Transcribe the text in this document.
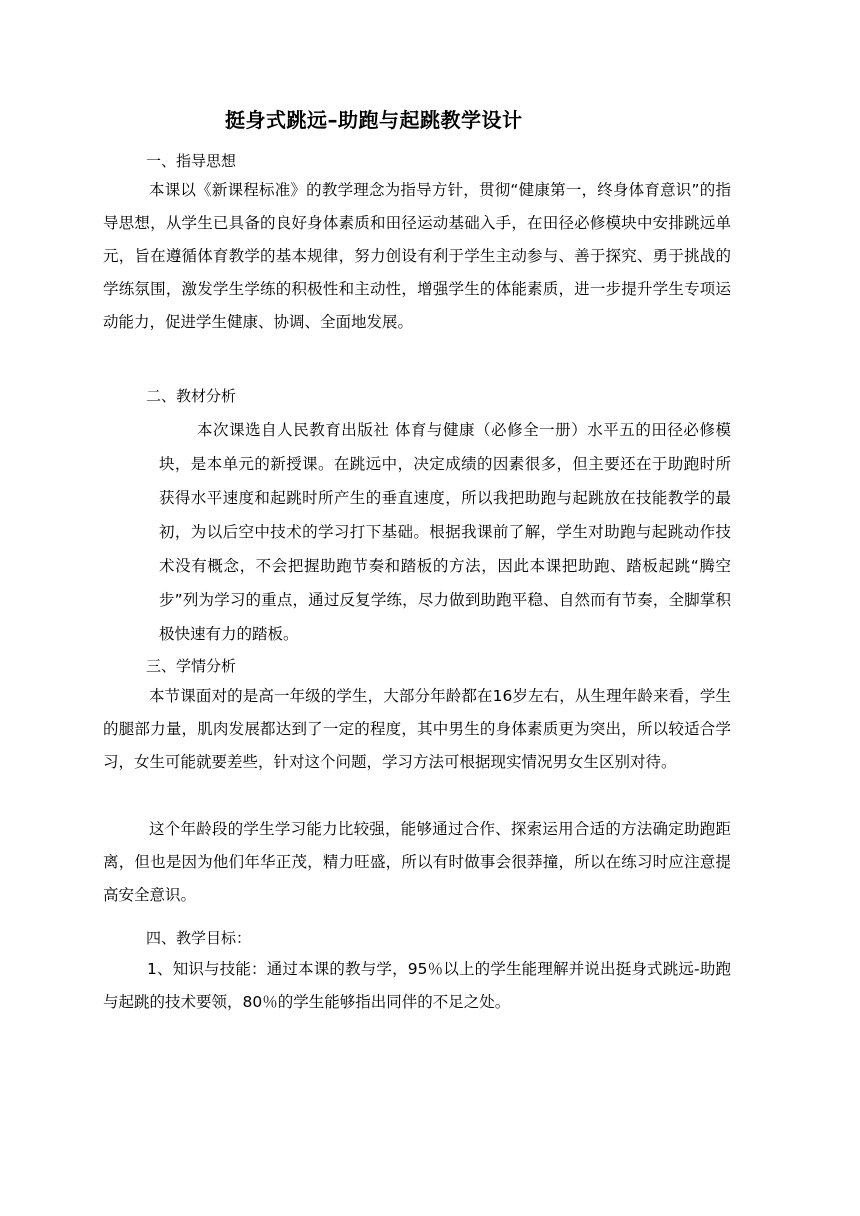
挺身式跳远–助跑与起跳教学设计
一、指导思想
本课以《新课程标准》的教学理念为指导方针，贯彻“健康第一，终身体育意识”的指导思想，从学生已具备的良好身体素质和田径运动基础入手，在田径必修模块中安排跳远单元，旨在遵循体育教学的基本规律，努力创设有利于学生主动参与、善于探究、勇于挑战的学练氛围，激发学生学练的积极性和主动性，增强学生的体能素质，进一步提升学生专项运动能力，促进学生健康、协调、全面地发展。
二、教材分析
本次课选自人民教育出版社 体育与健康（必修全一册）水平五的田径必修模块，是本单元的新授课。在跳远中，决定成绩的因素很多，但主要还在于助跑时所获得水平速度和起跳时所产生的垂直速度，所以我把助跑与起跳放在技能教学的最初，为以后空中技术的学习打下基础。根据我课前了解，学生对助跑与起跳动作技术没有概念，不会把握助跑节奏和踏板的方法，因此本课把助跑、踏板起跳“腾空步”列为学习的重点，通过反复学练，尽力做到助跑平稳、自然而有节奏，全脚掌积极快速有力的踏板。
三、学情分析
本节课面对的是高一年级的学生，大部分年龄都在16岁左右，从生理年龄来看，学生的腿部力量，肌肉发展都达到了一定的程度，其中男生的身体素质更为突出，所以较适合学习，女生可能就要差些，针对这个问题，学习方法可根据现实情况男女生区别对待。
这个年龄段的学生学习能力比较强，能够通过合作、探索运用合适的方法确定助跑距离，但也是因为他们年华正茂，精力旺盛，所以有时做事会很莽撞，所以在练习时应注意提高安全意识。
四、教学目标：
1、知识与技能：通过本课的教与学，95％以上的学生能理解并说出挺身式跳远-助跑与起跳的技术要领，80％的学生能够指出同伴的不足之处。
